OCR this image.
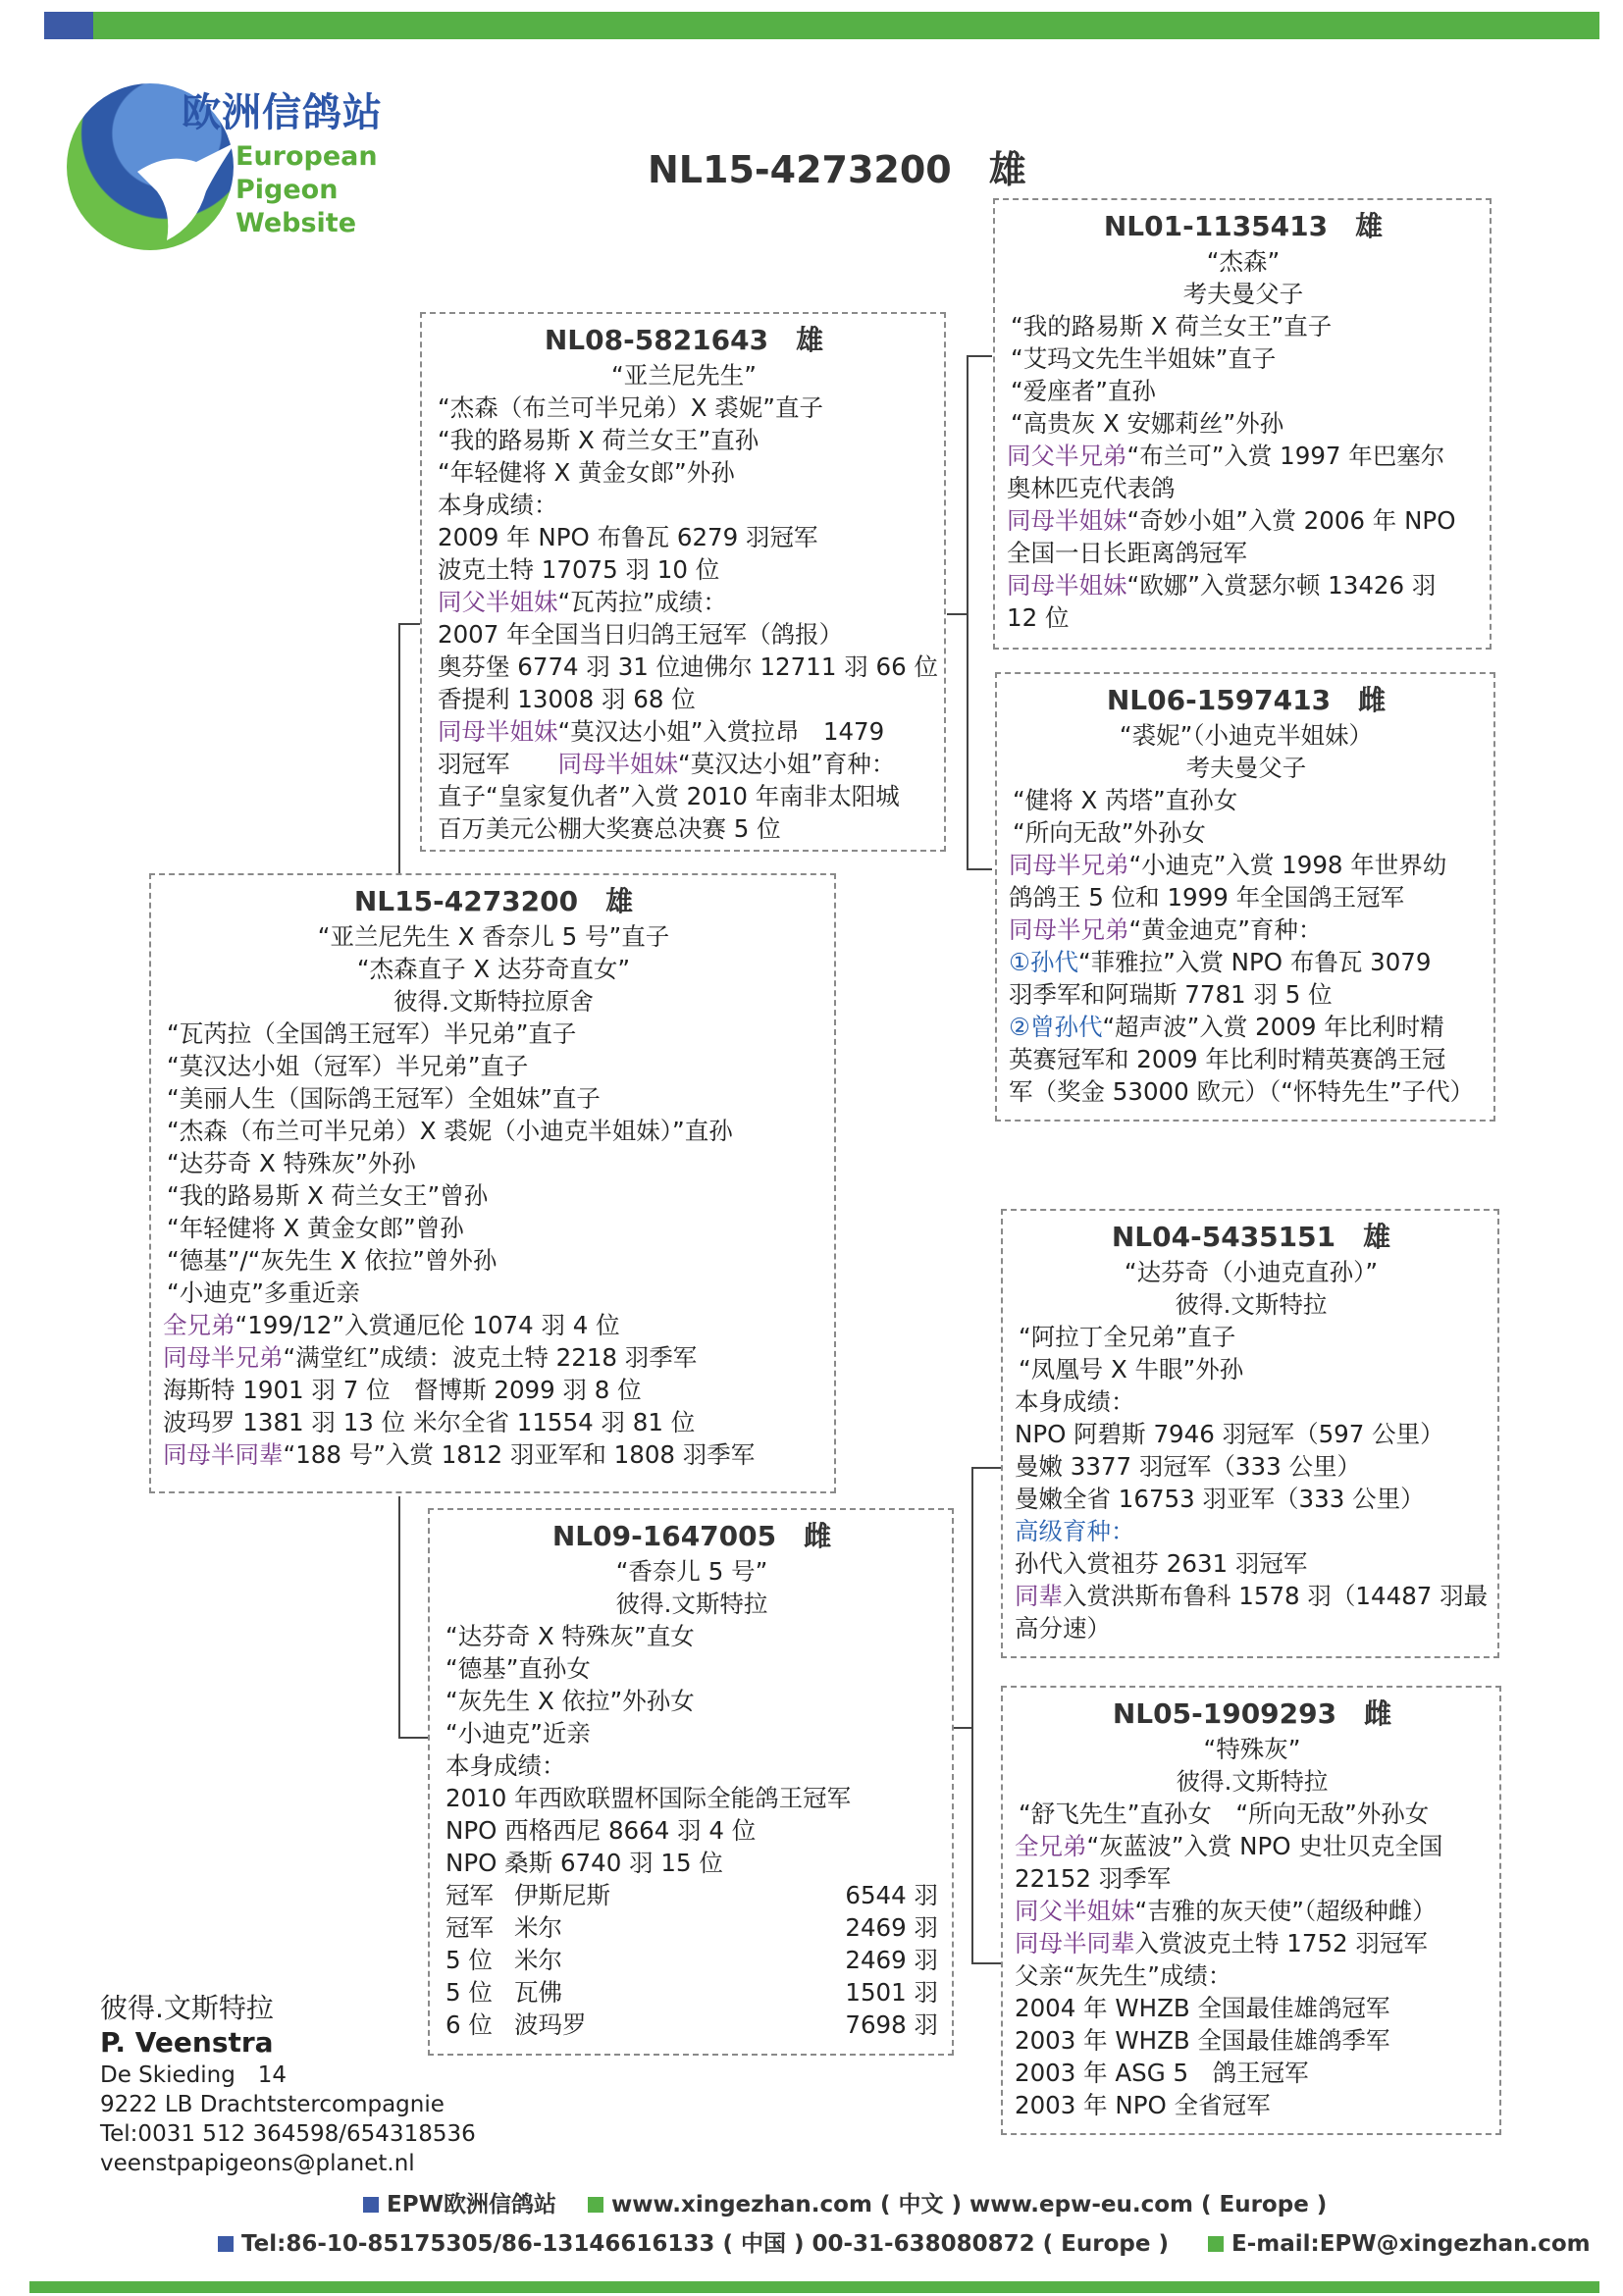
欧洲信鸽站
European Pigeon
Website
NL15-4273200　雄
NL08-5821643　雄
“亚兰尼先生”
“杰森（布兰可半兄弟）X 裘妮”直子
“我的路易斯 X 荷兰女王”直孙
“年轻健将 X 黄金女郎”外孙
本身成绩：
2009 年 NPO 布鲁瓦 6279 羽冠军
波克土特 17075 羽 10 位
同父半姐妹“瓦芮拉”成绩：
2007 年全国当日归鸽王冠军（鸽报）
奥芬堡 6774 羽 31 位迪佛尔 12711 羽 66 位
香提利 13008 羽 68 位
同母半姐妹“莫汉达小姐”入赏拉昂　1479
羽冠军　　同母半姐妹“莫汉达小姐”育种：
直子“皇家复仇者”入赏 2010 年南非太阳城
百万美元公棚大奖赛总决赛 5 位
NL15-4273200　雄
“亚兰尼先生 X 香奈儿 5 号”直子
“杰森直子 X 达芬奇直女”
彼得.文斯特拉原舍
“瓦芮拉（全国鸽王冠军）半兄弟”直子
“莫汉达小姐（冠军）半兄弟”直子
“美丽人生（国际鸽王冠军）全姐妹”直子
“杰森（布兰可半兄弟）X 裘妮（小迪克半姐妹）”直孙
“达芬奇 X 特殊灰”外孙
“我的路易斯 X 荷兰女王”曾孙
“年轻健将 X 黄金女郎”曾孙
“德基”/“灰先生 X 依拉”曾外孙
“小迪克”多重近亲
全兄弟“199/12”入赏通厄伦 1074 羽 4 位
同母半兄弟“满堂红”成绩：波克土特 2218 羽季军
海斯特 1901 羽 7 位　督博斯 2099 羽 8 位
波玛罗 1381 羽 13 位 米尔全省 11554 羽 81 位
同母半同辈“188 号”入赏 1812 羽亚军和 1808 羽季军
NL09-1647005　雌
“香奈儿 5 号”
彼得.文斯特拉
“达芬奇 X 特殊灰”直女
“德基”直孙女
“灰先生 X 依拉”外孙女
“小迪克”近亲
本身成绩：
2010 年西欧联盟杯国际全能鸽王冠军
NPO 西格西尼 8664 羽 4 位
NPO 桑斯 6740 羽 15 位
冠军 伊斯尼斯	6544 羽
冠军 米尔	2469 羽
5 位 米尔	2469 羽
5 位 瓦佛	1501 羽
6 位 波玛罗	7698 羽
NL01-1135413　雄
“杰森”
考夫曼父子
“我的路易斯 X 荷兰女王”直子
“艾玛文先生半姐妹”直子
“爱座者”直孙
“高贵灰 X 安娜莉丝”外孙
同父半兄弟“布兰可”入赏 1997 年巴塞尔
奥林匹克代表鸽
同母半姐妹“奇妙小姐”入赏 2006 年 NPO
全国一日长距离鸽冠军
同母半姐妹“欧娜”入赏瑟尔顿 13426 羽
12 位
NL06-1597413　雌
“裘妮”（小迪克半姐妹）
考夫曼父子
“健将 X 芮塔”直孙女
“所向无敌”外孙女
同母半兄弟“小迪克”入赏 1998 年世界幼
鸽鸽王 5 位和 1999 年全国鸽王冠军
同母半兄弟“黄金迪克”育种：
①孙代“菲雅拉”入赏 NPO 布鲁瓦 3079
羽季军和阿瑞斯 7781 羽 5 位
②曾孙代“超声波”入赏 2009 年比利时精
英赛冠军和 2009 年比利时精英赛鸽王冠
军（奖金 53000 欧元）（“怀特先生”子代）
NL04-5435151　雄
“达芬奇（小迪克直孙）”
彼得.文斯特拉
“阿拉丁全兄弟”直子
“凤凰号 X 牛眼”外孙
本身成绩：
NPO 阿碧斯 7946 羽冠军（597 公里）
曼嫩 3377 羽冠军（333 公里）
曼嫩全省 16753 羽亚军（333 公里）
高级育种：
孙代入赏祖芬 2631 羽冠军
同辈入赏洪斯布鲁科 1578 羽（14487 羽最
高分速）
NL05-1909293　雌
“特殊灰”
彼得.文斯特拉
“舒飞先生”直孙女　“所向无敌”外孙女
全兄弟“灰蓝波”入赏 NPO 史壮贝克全国
22152 羽季军
同父半姐妹“吉雅的灰天使”（超级种雌）
同母半同辈入赏波克土特 1752 羽冠军
父亲“灰先生”成绩：
2004 年 WHZB 全国最佳雄鸽冠军
2003 年 WHZB 全国最佳雄鸽季军
2003 年 ASG 5　鸽王冠军
2003 年 NPO 全省冠军
彼得.文斯特拉
P. Veenstra
De Skieding　14
9222 LB Drachtstercompagnie
Tel:0031 512 364598/654318536
veenstpapigeons@planet.nl
EPW欧洲信鸽站 www.xingezhan.com ( 中文 ) www.epw-eu.com ( Europe )
Tel:86-10-85175305/86-13146616133 ( 中国 ) 00-31-638080872 ( Europe )	E-mail:EPW@xingezhan.com
